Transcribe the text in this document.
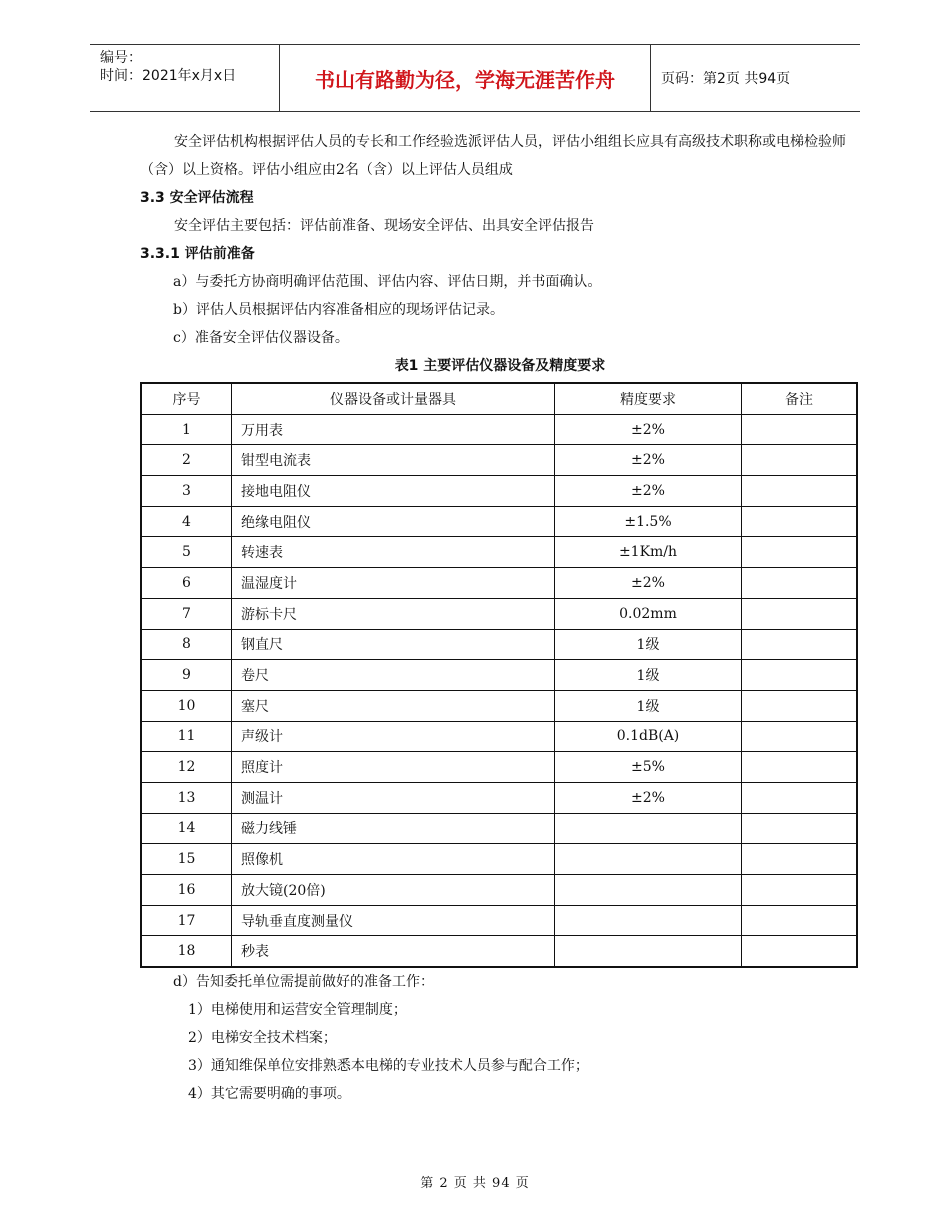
编号：
时间：2021年x月x日	书山有路勤为径，学海无涯苦作舟	页码：第2页 共94页

安全评估机构根据评估人员的专长和工作经验选派评估人员，评估小组组长应具有高级技术职称或电梯检验师（含）以上资格。评估小组应由2名（含）以上评估人员组成

3.3 安全评估流程

安全评估主要包括：评估前准备、现场安全评估、出具安全评估报告

3.3.1 评估前准备

a）与委托方协商明确评估范围、评估内容、评估日期，并书面确认。

b）评估人员根据评估内容准备相应的现场评估记录。

c）准备安全评估仪器设备。

表1 主要评估仪器设备及精度要求

序号	仪器设备或计量器具	精度要求	备注
1	万用表	±2%	
2	钳型电流表	±2%	
3	接地电阻仪	±2%	
4	绝缘电阻仪	±1.5%	
5	转速表	±1Km/h	
6	温湿度计	±2%	
7	游标卡尺	0.02mm	
8	钢直尺	1级	
9	卷尺	1级	
10	塞尺	1级	
11	声级计	0.1dB(A)	
12	照度计	±5%	
13	测温计	±2%	
14	磁力线锤		
15	照像机		
16	放大镜(20倍)		
17	导轨垂直度测量仪		
18	秒表		

d）告知委托单位需提前做好的准备工作：

1）电梯使用和运营安全管理制度；

2）电梯安全技术档案；

3）通知维保单位安排熟悉本电梯的专业技术人员参与配合工作；

4）其它需要明确的事项。

第 2 页 共 94 页
